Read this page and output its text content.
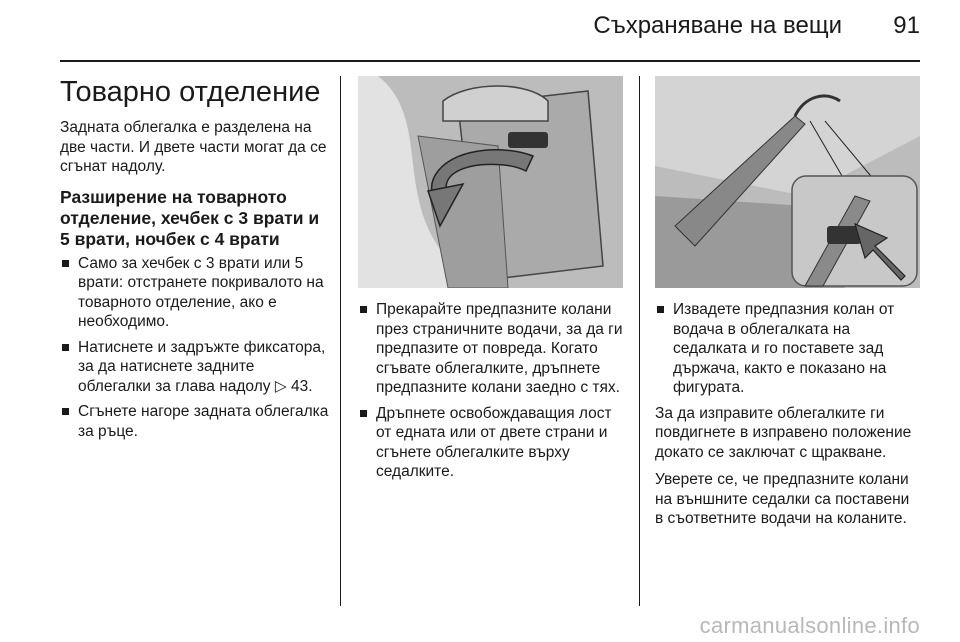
Съхраняване на вещи 91
Товарно отделение

Задната облегалка е разделена на две части. И двете части могат да се сгънат надолу.

Разширение на товарното отделение, хечбек с 3 врати и 5 врати, ночбек с 4 врати
Само за хечбек с 3 врати или 5 врати: отстранете покривалото на товарното отделение, ако е необходимо.
Натиснете и задръжте фиксатора, за да натиснете задните облегалки за глава надолу ▷ 43.
Сгънете нагоре задната облегалка за ръце.
Прекарайте предпазните колани през страничните водачи, за да ги предпазите от повреда. Когато сгъвате облегалките, дръпнете предпазните колани заедно с тях.
Дръпнете освобождаващия лост от едната или от двете страни и сгънете облегалките върху седалките.
Извадете предпазния колан от водача в облегалката на седалката и го поставете зад държача, както е показано на фигурата.

За да изправите облегалките ги повдигнете в изправено положение докато се заключат с щракване.

Уверете се, че предпазните колани на външните седалки са поставени в съответните водачи на коланите.

carmanualsonline.info
